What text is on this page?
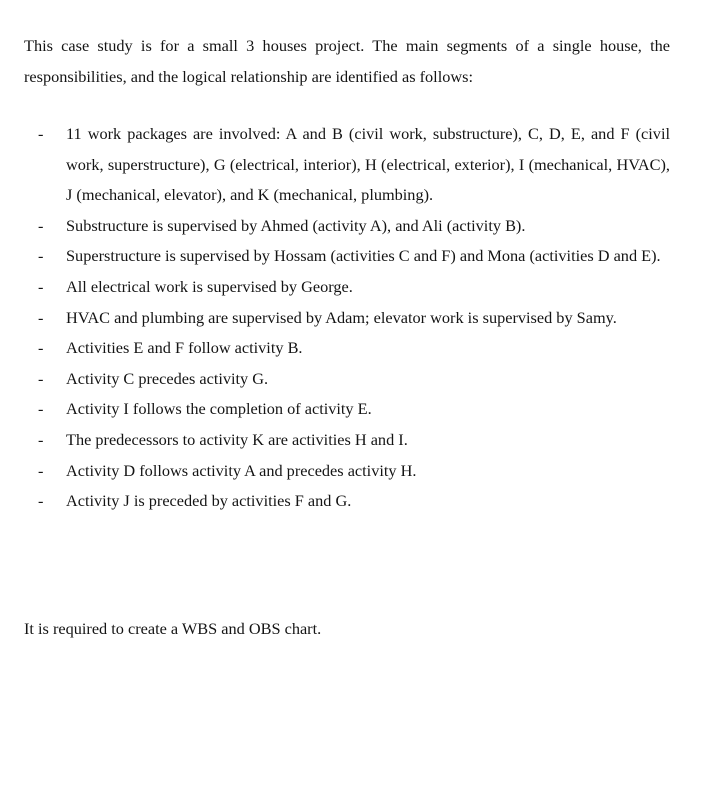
This case study is for a small 3 houses project. The main segments of a single house, the responsibilities, and the logical relationship are identified as follows:

-	11 work packages are involved: A and B (civil work, substructure), C, D, E, and F (civil work, superstructure), G (electrical, interior), H (electrical, exterior), I (mechanical, HVAC), J (mechanical, elevator), and K (mechanical, plumbing).
-	Substructure is supervised by Ahmed (activity A), and Ali (activity B).
-	Superstructure is supervised by Hossam (activities C and F) and Mona (activities D and E).
-	All electrical work is supervised by George.
-	HVAC and plumbing are supervised by Adam; elevator work is supervised by Samy.
-	Activities E and F follow activity B.
-	Activity C precedes activity G.
-	Activity I follows the completion of activity E.
-	The predecessors to activity K are activities H and I.
-	Activity D follows activity A and precedes activity H.
-	Activity J is preceded by activities F and G.

It is required to create a WBS and OBS chart.
